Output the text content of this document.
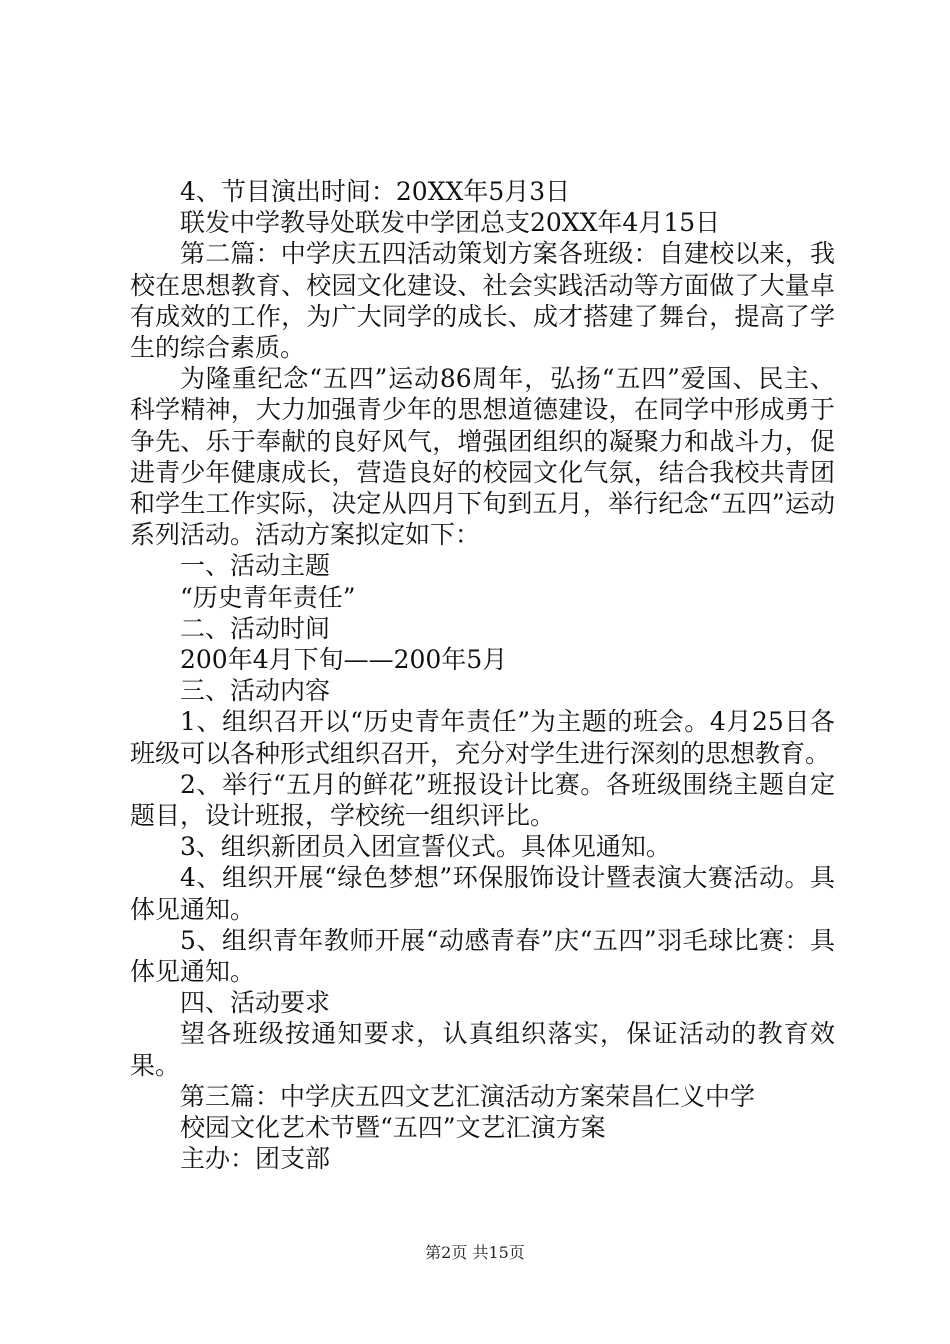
4、节目演出时间：20XX年5月3日

联发中学教导处联发中学团总支20XX年4月15日

第二篇：中学庆五四活动策划方案各班级：自建校以来，我校在思想教育、校园文化建设、社会实践活动等方面做了大量卓有成效的工作，为广大同学的成长、成才搭建了舞台，提高了学生的综合素质。

为隆重纪念“五四”运动86周年，弘扬“五四”爱国、民主、科学精神，大力加强青少年的思想道德建设，在同学中形成勇于争先、乐于奉献的良好风气，增强团组织的凝聚力和战斗力，促进青少年健康成长，营造良好的校园文化气氛，结合我校共青团和学生工作实际，决定从四月下旬到五月，举行纪念“五四”运动系列活动。活动方案拟定如下：

一、活动主题

“历史青年责任”

二、活动时间

200年4月下旬——200年5月

三、活动内容

1、组织召开以“历史青年责任”为主题的班会。4月25日各班级可以各种形式组织召开，充分对学生进行深刻的思想教育。

2、举行“五月的鲜花”班报设计比赛。各班级围绕主题自定题目，设计班报，学校统一组织评比。

3、组织新团员入团宣誓仪式。具体见通知。

4、组织开展“绿色梦想”环保服饰设计暨表演大赛活动。具体见通知。

5、组织青年教师开展“动感青春”庆“五四”羽毛球比赛：具体见通知。

四、活动要求

望各班级按通知要求，认真组织落实，保证活动的教育效果。

第三篇：中学庆五四文艺汇演活动方案荣昌仁义中学

校园文化艺术节暨“五四”文艺汇演方案

主办：团支部

第2页 共15页
